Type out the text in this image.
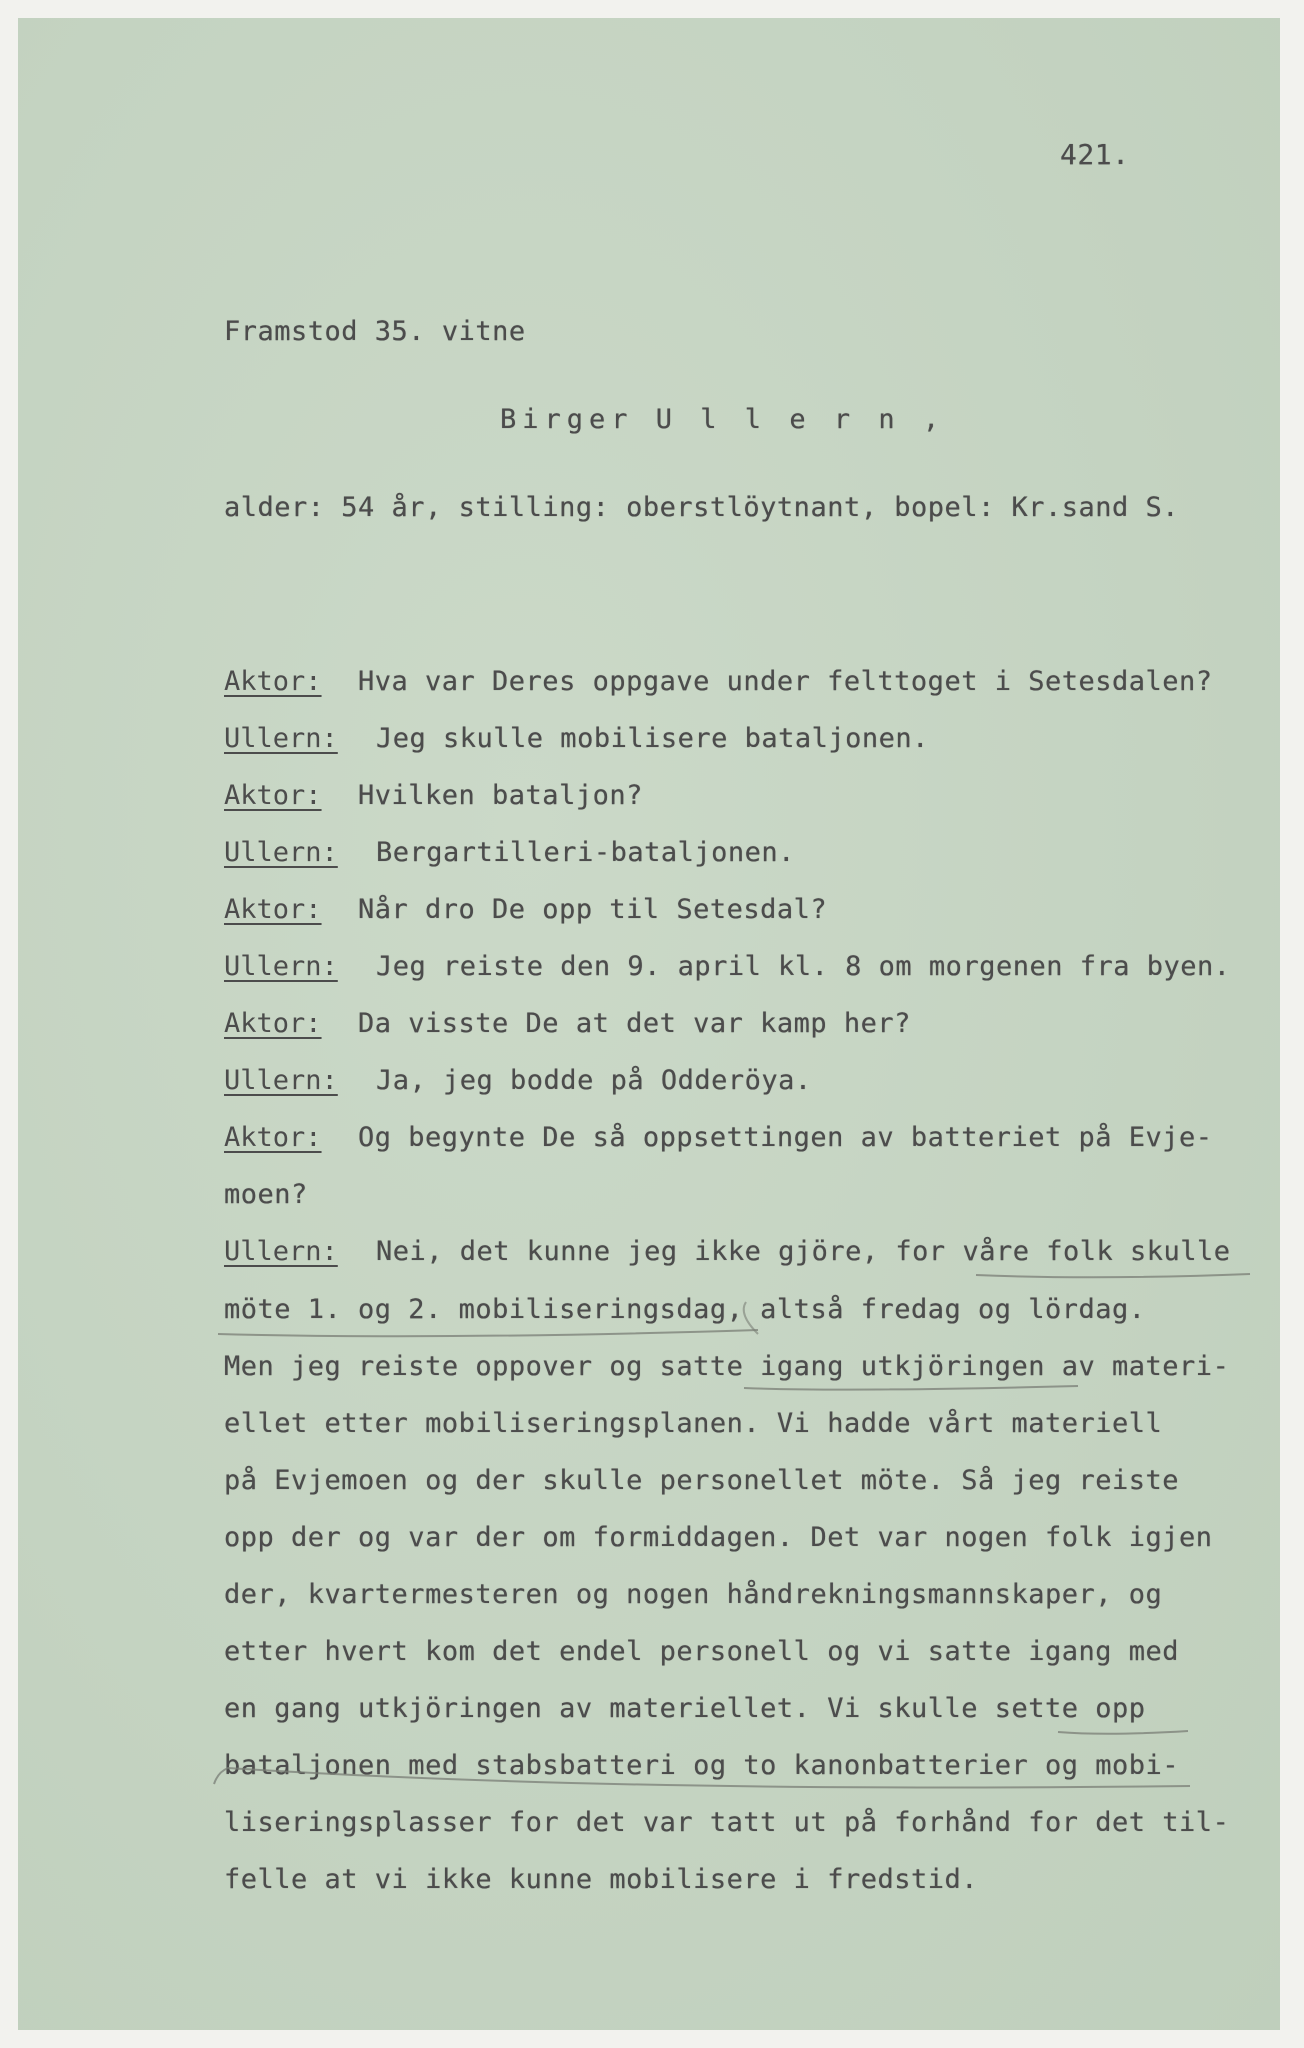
421.
Framstod 35. vitne
Birger U l l e r n ,
alder: 54 år, stilling: oberstlöytnant, bopel: Kr.sand S.
Aktor: Hva var Deres oppgave under felttoget i Setesdalen?
Ullern: Jeg skulle mobilisere bataljonen.
Aktor: Hvilken bataljon?
Ullern: Bergartilleri-bataljonen.
Aktor: Når dro De opp til Setesdal?
Ullern: Jeg reiste den 9. april kl. 8 om morgenen fra byen.
Aktor: Da visste De at det var kamp her?
Ullern: Ja, jeg bodde på Odderöya.
Aktor: Og begynte De så oppsettingen av batteriet på Evje-
moen?
Ullern: Nei, det kunne jeg ikke gjöre, for våre folk skulle
möte 1. og 2. mobiliseringsdag, altså fredag og lördag.
Men jeg reiste oppover og satte igang utkjöringen av materi-
ellet etter mobiliseringsplanen. Vi hadde vårt materiell
på Evjemoen og der skulle personellet möte. Så jeg reiste
opp der og var der om formiddagen. Det var nogen folk igjen
der, kvartermesteren og nogen håndrekningsmannskaper, og
etter hvert kom det endel personell og vi satte igang med
en gang utkjöringen av materiellet. Vi skulle sette opp
bataljonen med stabsbatteri og to kanonbatterier og mobi-
liseringsplasser for det var tatt ut på forhånd for det til-
felle at vi ikke kunne mobilisere i fredstid.
